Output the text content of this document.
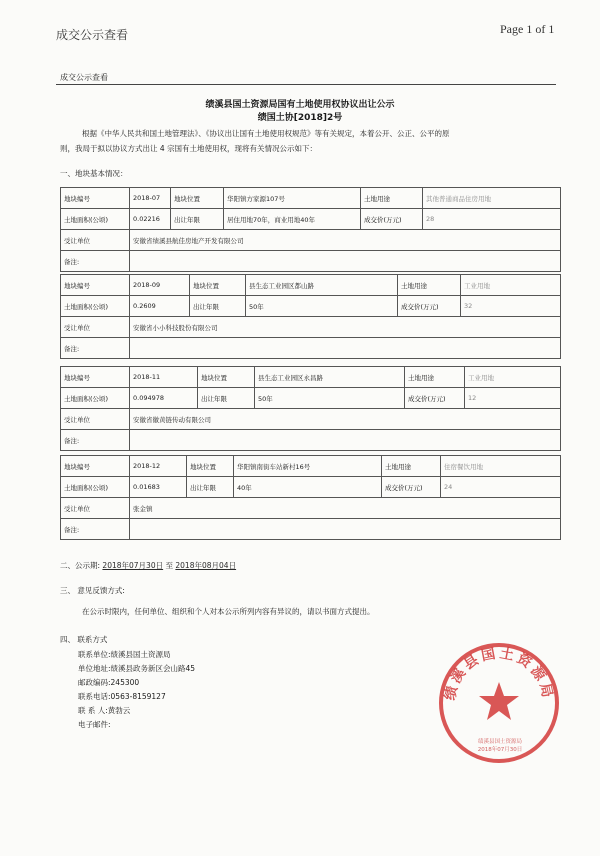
成交公示查看	Page 1 of 1
成交公示查看
绩溪县国土资源局国有土地使用权协议出让公示
绩国土协[2018]2号

根据《中华人民共和国土地管理法》、《协议出让国有土地使用权规范》等有关规定，本着公开、公正、公平的原

则，我局于拟以协议方式出让 4 宗国有土地使用权，现将有关情况公示如下：

一、地块基本情况：
地块编号	2018-07	地块位置	华阳镇方家源107号	土地用途	其他普通商品住房用地
土地面积(公顷)	0.02216	出让年限	居住用地70年，商业用地40年	成交价(万元)	28
受让单位	安徽省绩溪县航佳房地产开发有限公司				
备注:					
地块编号	2018-09	地块位置	县生态工业园区都山路	土地用途	工业用地
土地面积(公顷)	0.2609	出让年限	50年	成交价(万元)	32
受让单位	安徽省小小科技股份有限公司				
备注:					
地块编号	2018-11	地块位置	县生态工业园区永昌路	土地用途	工业用地
土地面积(公顷)	0.094978	出让年限	50年	成交价(万元)	12
受让单位	安徽省徽黄链传动有限公司				
备注:					
地块编号	2018-12	地块位置	华阳镇南街车站新村16号	土地用途	住宿餐饮用地
土地面积(公顷)	0.01683	出让年限	40年	成交价(万元)	24
受让单位	张金镇				
备注:					
二、公示期: 2018年07月30日 至 2018年08月04日
三、 意见反馈方式:
在公示时限内，任何单位、组织和个人对本公示所列内容有异议的，请以书面方式提出。
四、 联系方式
联系单位:绩溪县国土资源局
单位地址:绩溪县政务新区会山路45
邮政编码:245300
联系电话:0563-8159127
联 系 人:黄勃云
电子邮件:
绩溪县国土资源局
绩溪县国土资源局
2018年07月30日
